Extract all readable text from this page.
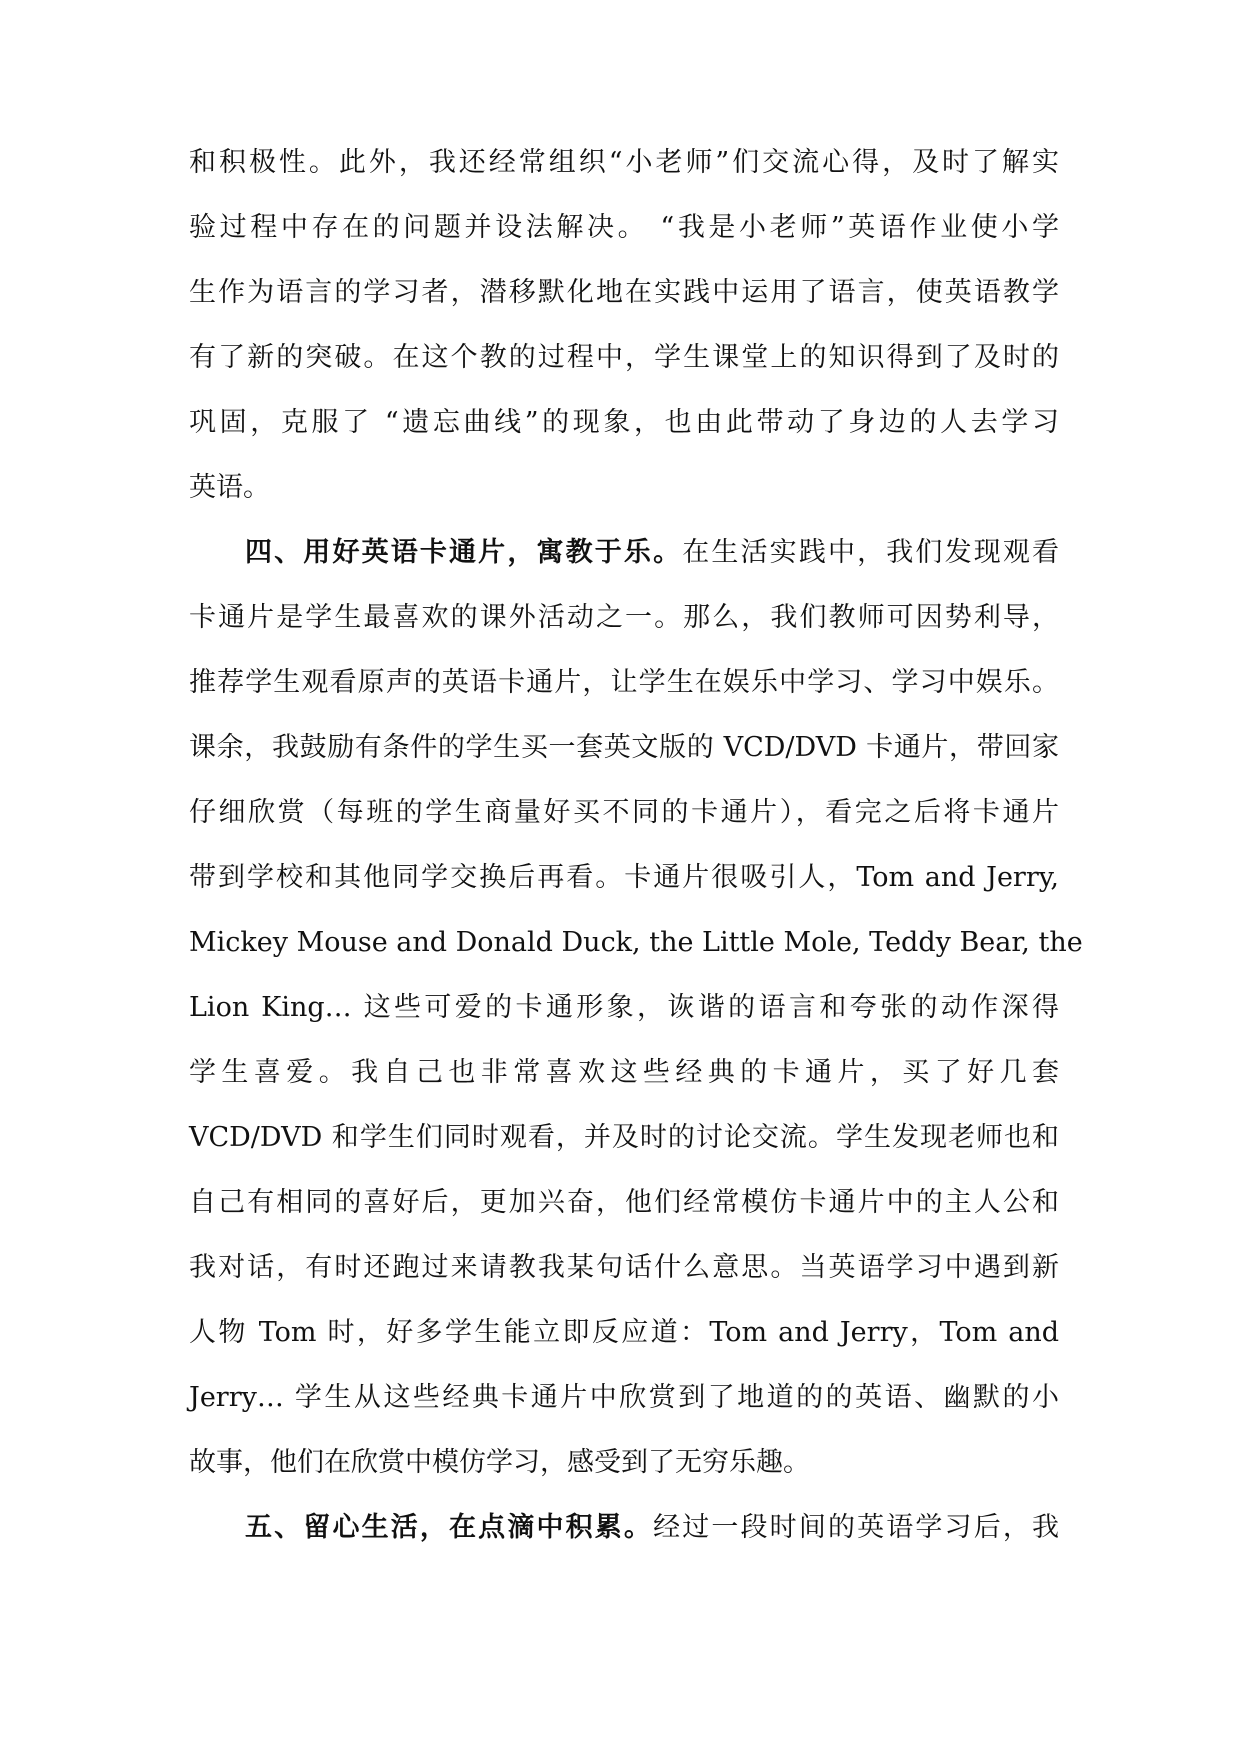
和积极性。此外，我还经常组织“小老师”们交流心得，及时了解实
验过程中存在的问题并设法解决。 “我是小老师”英语作业使小学
生作为语言的学习者，潜移默化地在实践中运用了语言，使英语教学
有了新的突破。在这个教的过程中，学生课堂上的知识得到了及时的
巩固，克服了 “遗忘曲线”的现象，也由此带动了身边的人去学习
英语。
四、用好英语卡通片，寓教于乐。在生活实践中，我们发现观看
卡通片是学生最喜欢的课外活动之一。那么，我们教师可因势利导，
推荐学生观看原声的英语卡通片，让学生在娱乐中学习、学习中娱乐。
课余，我鼓励有条件的学生买一套英文版的 VCD/DVD 卡通片，带回家
仔细欣赏（每班的学生商量好买不同的卡通片），看完之后将卡通片
带到学校和其他同学交换后再看。卡通片很吸引人，Tom and Jerry,
Mickey Mouse and Donald Duck, the Little Mole, Teddy Bear, the
Lion King… 这些可爱的卡通形象，诙谐的语言和夸张的动作深得
学生喜爱。我自己也非常喜欢这些经典的卡通片，买了好几套
VCD/DVD 和学生们同时观看，并及时的讨论交流。学生发现老师也和
自己有相同的喜好后，更加兴奋，他们经常模仿卡通片中的主人公和
我对话，有时还跑过来请教我某句话什么意思。当英语学习中遇到新
人物 Tom 时，好多学生能立即反应道：Tom and Jerry，Tom and
Jerry… 学生从这些经典卡通片中欣赏到了地道的的英语、幽默的小
故事，他们在欣赏中模仿学习，感受到了无穷乐趣。
五、留心生活，在点滴中积累。经过一段时间的英语学习后，我
